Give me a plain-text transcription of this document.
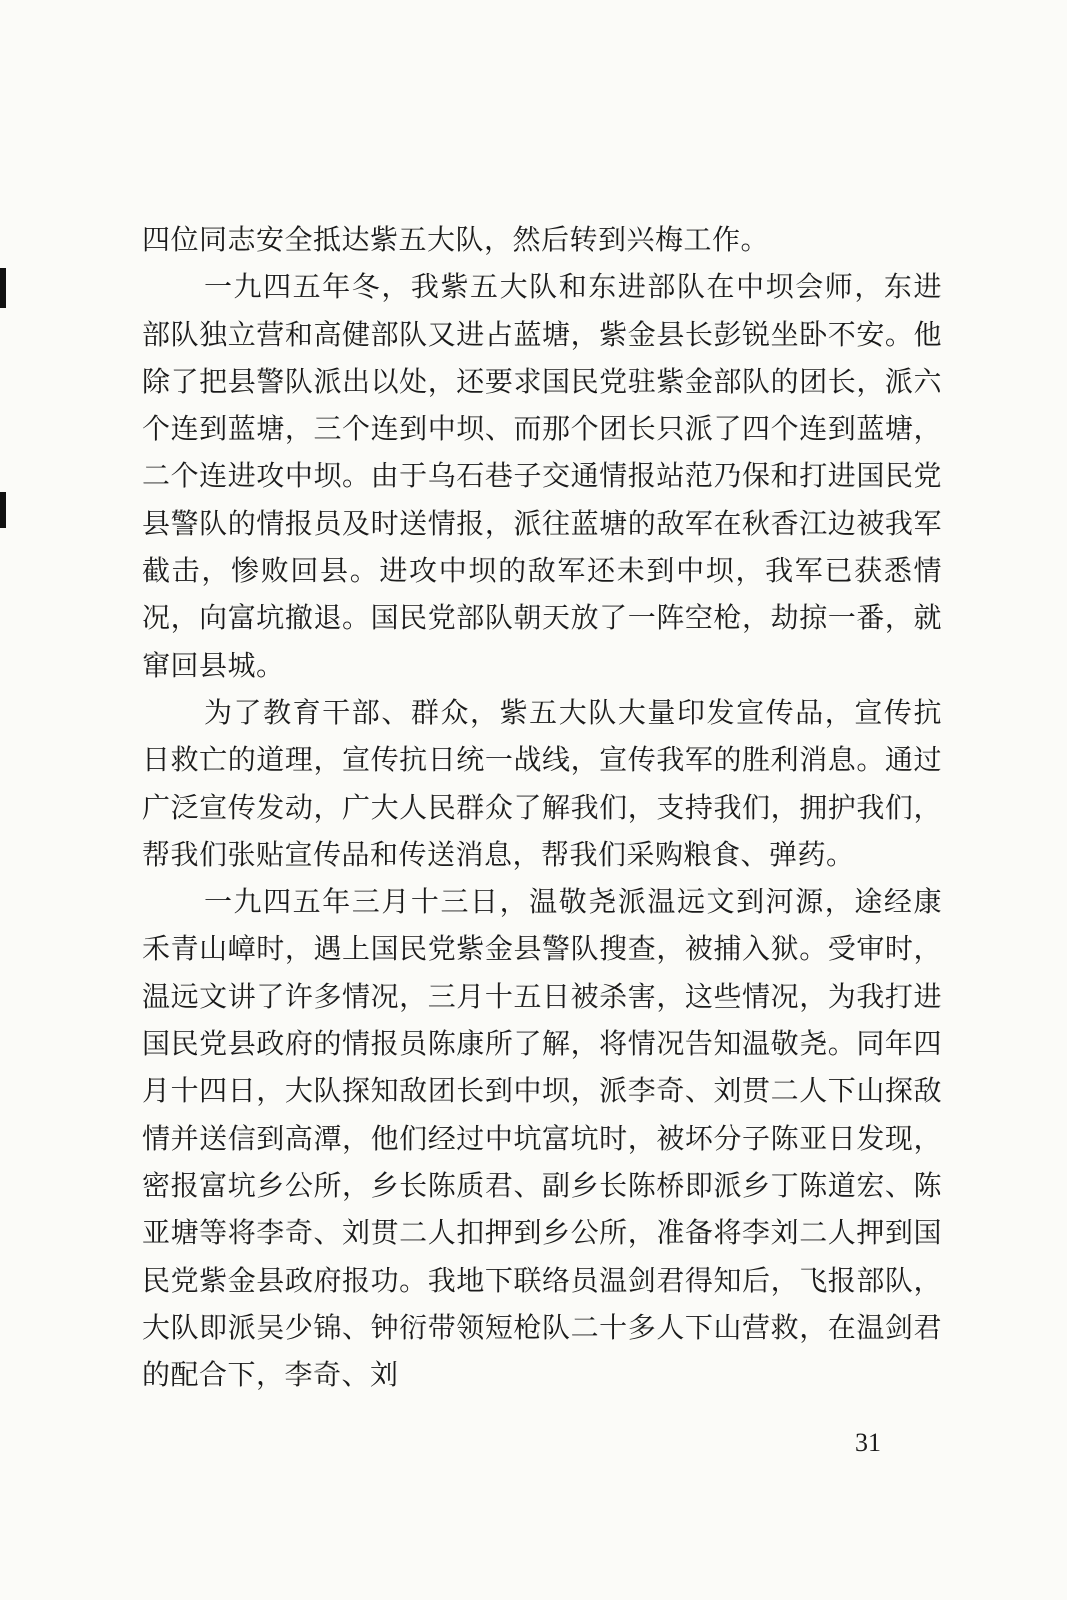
四位同志安全抵达紫五大队，然后转到兴梅工作。

一九四五年冬，我紫五大队和东进部队在中坝会师，东进部队独立营和高健部队又进占蓝塘，紫金县长彭锐坐卧不安。他除了把县警队派出以处，还要求国民党驻紫金部队的团长，派六个连到蓝塘，三个连到中坝、而那个团长只派了四个连到蓝塘，二个连进攻中坝。由于乌石巷子交通情报站范乃保和打进国民党县警队的情报员及时送情报，派往蓝塘的敌军在秋香江边被我军截击，惨败回县。进攻中坝的敌军还未到中坝，我军已获悉情况，向富坑撤退。国民党部队朝天放了一阵空枪，劫掠一番，就窜回县城。

为了教育干部、群众，紫五大队大量印发宣传品，宣传抗日救亡的道理，宣传抗日统一战线，宣传我军的胜利消息。通过广泛宣传发动，广大人民群众了解我们，支持我们，拥护我们，帮我们张贴宣传品和传送消息，帮我们采购粮食、弹药。

一九四五年三月十三日，温敬尧派温远文到河源，途经康禾青山嶂时，遇上国民党紫金县警队搜查，被捕入狱。受审时，温远文讲了许多情况，三月十五日被杀害，这些情况，为我打进国民党县政府的情报员陈康所了解，将情况告知温敬尧。同年四月十四日，大队探知敌团长到中坝，派李奇、刘贯二人下山探敌情并送信到高潭，他们经过中坑富坑时，被坏分子陈亚日发现，密报富坑乡公所，乡长陈质君、副乡长陈桥即派乡丁陈道宏、陈亚塘等将李奇、刘贯二人扣押到乡公所，准备将李刘二人押到国民党紫金县政府报功。我地下联络员温剑君得知后，飞报部队，大队即派吴少锦、钟衍带领短枪队二十多人下山营救，在温剑君的配合下，李奇、刘

31
